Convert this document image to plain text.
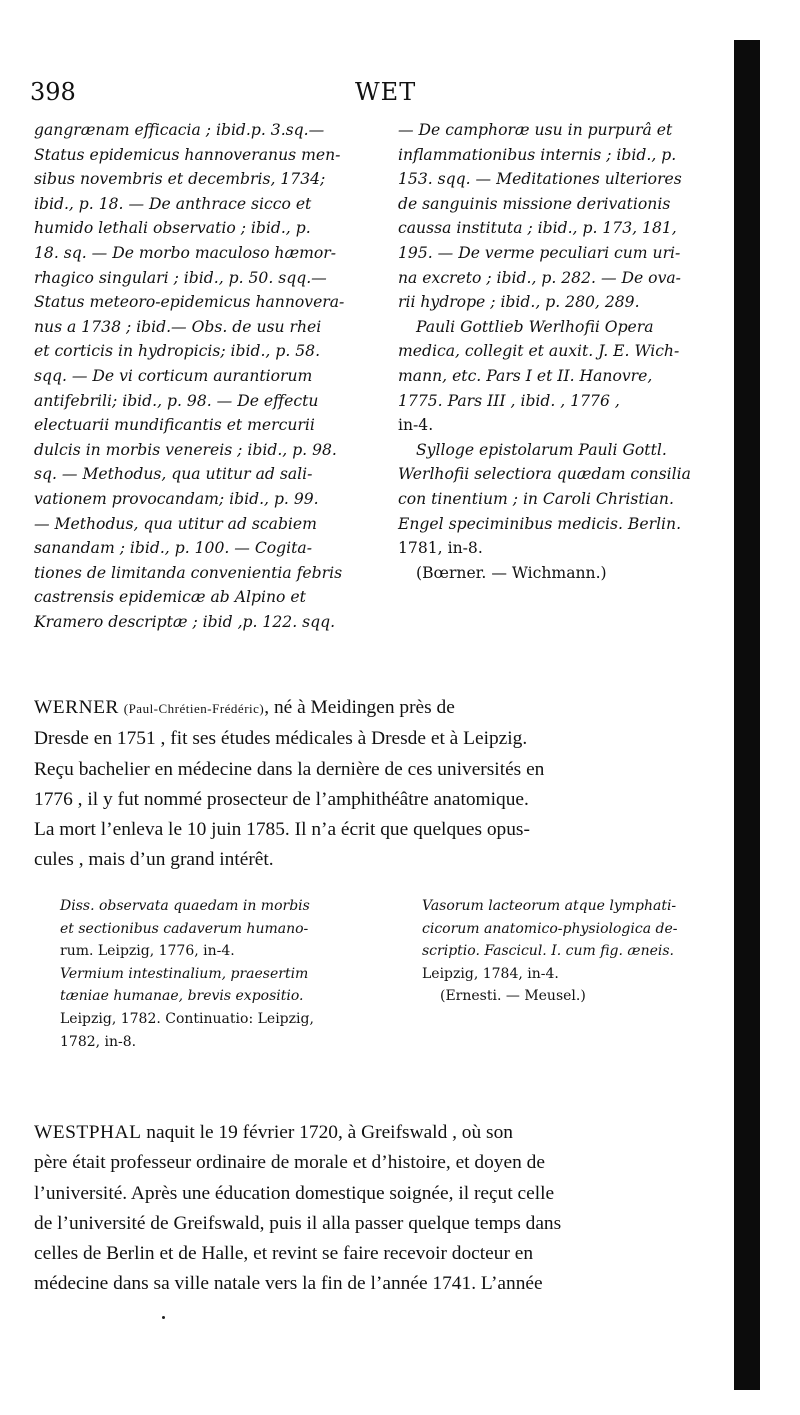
398	WET

gangrænam efficacia ; ibid.p. 3.sq.—

Status epidemicus hannoveranus men-

sibus novembris et decembris, 1734;

ibid., p. 18. — De anthrace sicco et

humido lethali observatio ; ibid., p.

18. sq. — De morbo maculoso hæmor-

rhagico singulari ; ibid., p. 50. sqq.—

Status meteoro-epidemicus hannovera-

nus a 1738 ; ibid.— Obs. de usu rhei

et corticis in hydropicis; ibid., p. 58.

sqq. — De vi corticum aurantiorum

antifebrili; ibid., p. 98. — De effectu

electuarii mundificantis et mercurii

dulcis in morbis venereis ; ibid., p. 98.

sq. — Methodus, qua utitur ad sali-

vationem provocandam; ibid., p. 99.

— Methodus, qua utitur ad scabiem

sanandam ; ibid., p. 100. — Cogita-

tiones de limitanda convenientia febris

castrensis epidemicæ ab Alpino et

Kramero descriptæ ; ibid ,p. 122. sqq.

— De camphoræ usu in purpurâ et

inflammationibus internis ; ibid., p.

153. sqq. — Meditationes ulteriores

de sanguinis missione derivationis

caussa instituta ; ibid., p. 173, 181,

195. — De verme peculiari cum uri-

na excreto ; ibid., p. 282. — De ova-

rii hydrope ; ibid., p. 280, 289.

Pauli Gottlieb Werlhofii Opera

medica, collegit et auxit. J. E. Wich-

mann, etc. Pars I et II. Hanovre,

1775. Pars III , ibid. , 1776 ,

in-4.

Sylloge epistolarum Pauli Gottl.

Werlhofii selectiora quædam consilia

con tinentium ; in Caroli Christian.

Engel speciminibus medicis. Berlin.

1781, in-8.

(Bœrner. — Wichmann.)

WERNER (Paul-Chrétien-Frédéric), né à Meidingen près de
Dresde en 1751 , fit ses études médicales à Dresde et à Leipzig.
Reçu bachelier en médecine dans la dernière de ces universités en
1776 , il y fut nommé prosecteur de l’amphithéâtre anatomique.
La mort l’enleva le 10 juin 1785. Il n’a écrit que quelques opus-
cules , mais d’un grand intérêt.

Diss. observata quaedam in morbis

et sectionibus cadaverum humano-

rum. Leipzig, 1776, in-4.

Vermium intestinalium, praesertim

tæniae humanae, brevis expositio.

Leipzig, 1782. Continuatio: Leipzig,

1782, in-8.

Vasorum lacteorum atque lymphati-

cicorum anatomico-physiologica de-

scriptio. Fascicul. I. cum fig. æneis.

Leipzig, 1784, in-4.

(Ernesti. — Meusel.)

WESTPHAL naquit le 19 février 1720, à Greifswald , où son
père était professeur ordinaire de morale et d’histoire, et doyen de
l’université. Après une éducation domestique soignée, il reçut celle
de l’université de Greifswald, puis il alla passer quelque temps dans
celles de Berlin et de Halle, et revint se faire recevoir docteur en
médecine dans sa ville natale vers la fin de l’année 1741. L’année
